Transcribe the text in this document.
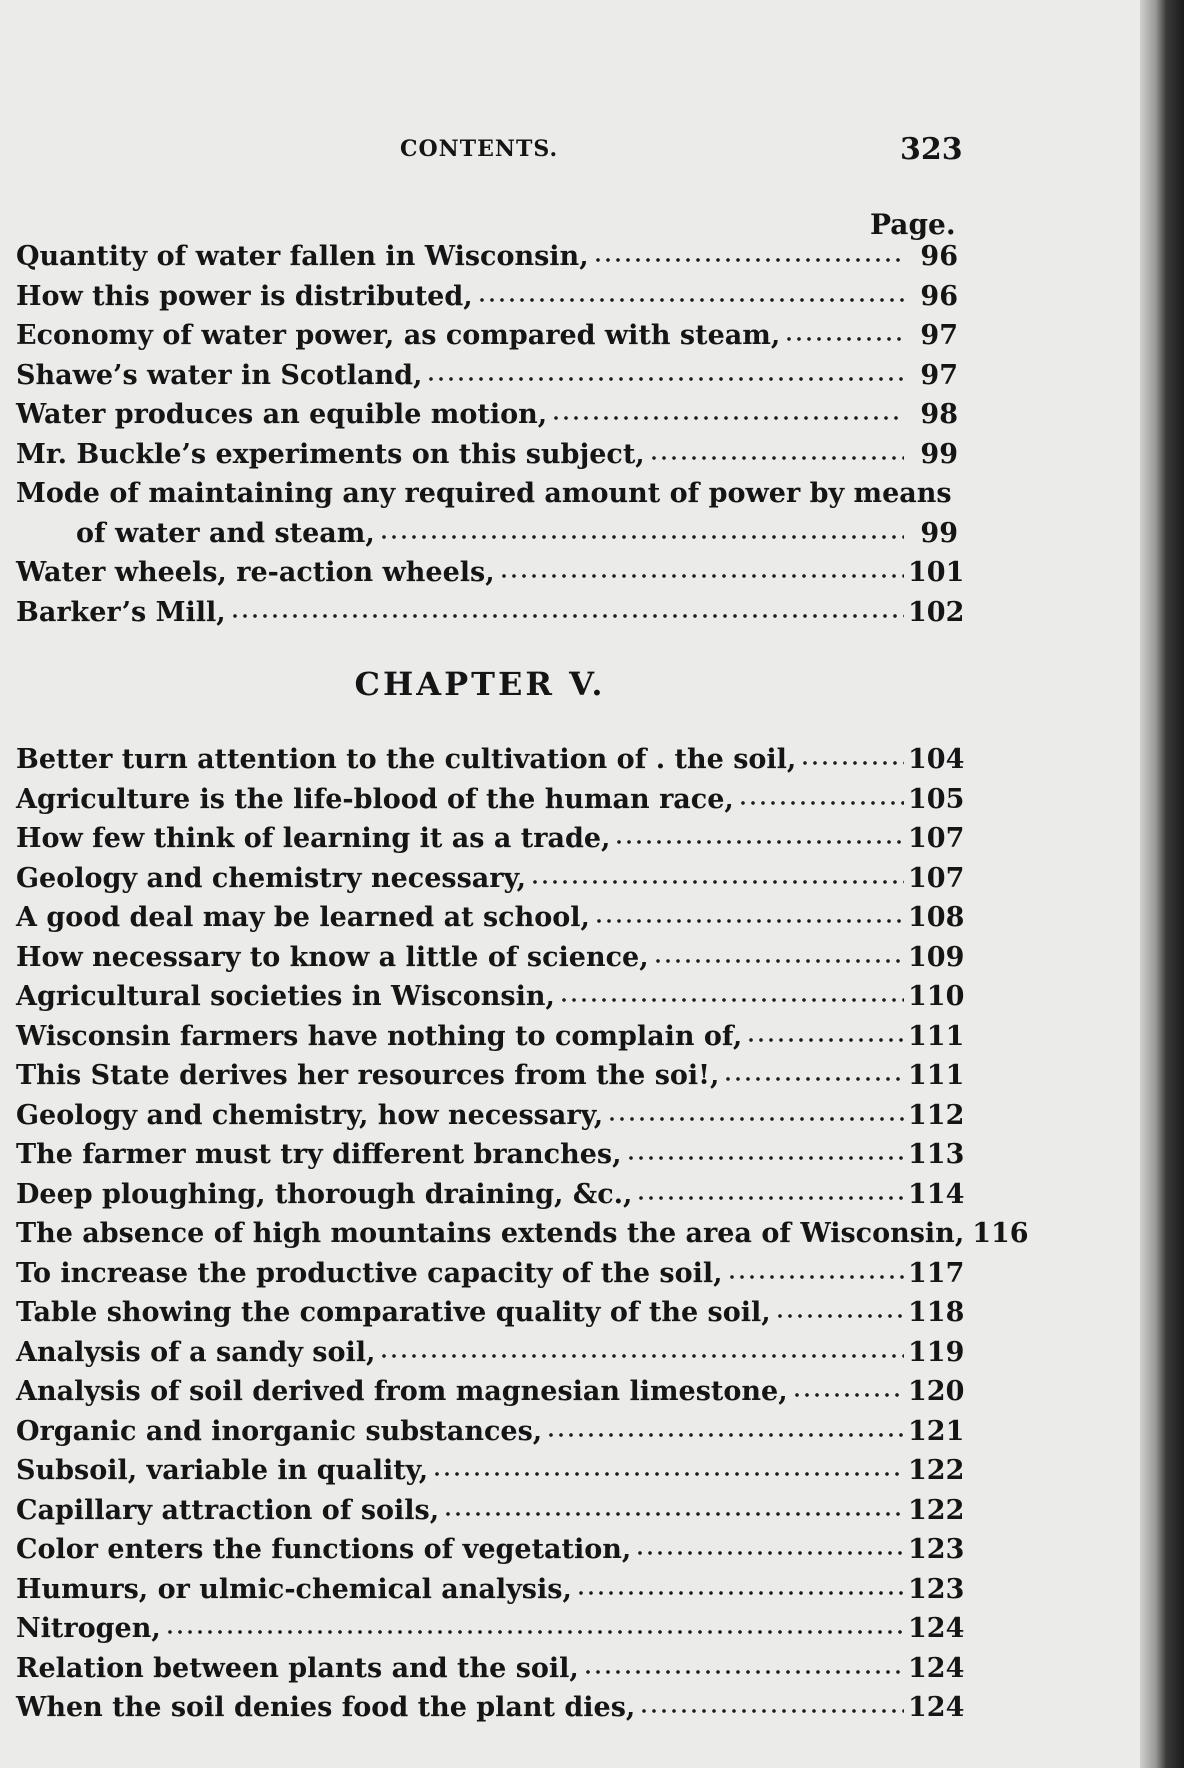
CONTENTS.	323
Page.
Quantity of water fallen in Wisconsin,	96
How this power is distributed,	96
Economy of water power, as compared with steam,	97
Shawe’s water in Scotland,	97
Water produces an equible motion,	98
Mr. Buckle’s experiments on this subject,	99
Mode of maintaining any required amount of power by means
of water and steam,	99
Water wheels, re-action wheels,	101
Barker’s Mill,	102
CHAPTER V.
Better turn attention to the cultivation of . the soil,	104
Agriculture is the life-blood of the human race,	105
How few think of learning it as a trade,	107
Geology and chemistry necessary,	107
A good deal may be learned at school,	108
How necessary to know a little of science,	109
Agricultural societies in Wisconsin,	110
Wisconsin farmers have nothing to complain of,	111
This State derives her resources from the soi!,	111
Geology and chemistry, how necessary,	112
The farmer must try different branches,	113
Deep ploughing, thorough draining, &c.,	114
The absence of high mountains extends the area of Wisconsin, 116
To increase the productive capacity of the soil,	117
Table showing the comparative quality of the soil,	118
Analysis of a sandy soil,	119
Analysis of soil derived from magnesian limestone,	120
Organic and inorganic substances,	121
Subsoil, variable in quality,	122
Capillary attraction of soils,	122
Color enters the functions of vegetation,	123
Humurs, or ulmic-chemical analysis,	123
Nitrogen,	124
Relation between plants and the soil,	124
When the soil denies food the plant dies,	124
